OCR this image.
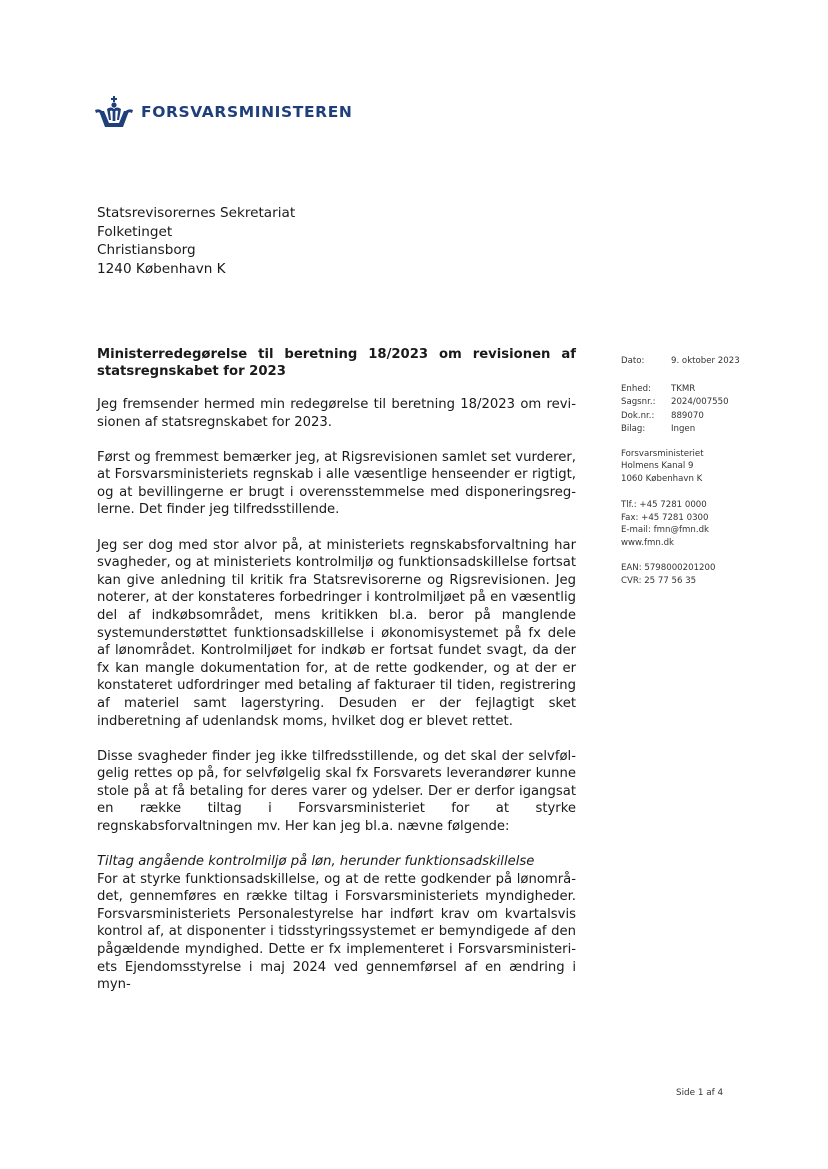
FORSVARSMINISTEREN
Statsrevisorernes Sekretariat
Folketinget
Christiansborg
1240 København K
Ministerredegørelse til beretning 18/2023 om revisionen af statsregnskabet for 2023

Jeg fremsender hermed min redegørelse til beretning 18/2023 om revisionen af statsregnskabet for 2023.

Først og fremmest bemærker jeg, at Rigsrevisionen samlet set vurderer, at Forsvarsministeriets regnskab i alle væsentlige henseender er rigtigt, og at bevillingerne er brugt i overensstemmelse med disponeringsreglerne. Det finder jeg tilfredsstillende.

Jeg ser dog med stor alvor på, at ministeriets regnskabsforvaltning har svagheder, og at ministeriets kontrolmiljø og funktionsadskillelse fortsat kan give anledning til kritik fra Statsrevisorerne og Rigsrevisionen. Jeg noterer, at der konstateres forbedringer i kontrolmiljøet på en væsentlig del af indkøbsområdet, mens kritikken bl.a. beror på manglende systemunderstøttet funktionsadskillelse i økonomisystemet på fx dele af lønområdet. Kontrolmiljøet for indkøb er fortsat fundet svagt, da der fx kan mangle dokumentation for, at de rette godkender, og at der er konstateret udfordringer med betaling af fakturaer til tiden, registrering af materiel samt lagerstyring. Desuden er der fejlagtigt sket indberetning af udenlandsk moms, hvilket dog er blevet rettet.

Disse svagheder finder jeg ikke tilfredsstillende, og det skal der selvfølgelig rettes op på, for selvfølgelig skal fx Forsvarets leverandører kunne stole på at få betaling for deres varer og ydelser. Der er derfor igangsat en række tiltag i Forsvarsministeriet for at styrke regnskabsforvaltningen mv. Her kan jeg bl.a. nævne følgende:

Tiltag angående kontrolmiljø på løn, herunder funktionsadskillelse

For at styrke funktionsadskillelse, og at de rette godkender på lønområdet, gennemføres en række tiltag i Forsvarsministeriets myndigheder. Forsvarsministeriets Personalestyrelse har indført krav om kvartalsvis kontrol af, at disponenter i tidsstyringssystemet er bemyndigede af den pågældende myndighed. Dette er fx implementeret i Forsvarsministeriets Ejendomsstyrelse i maj 2024 ved gennemførsel af en ændring i myn-

Dato:	9. oktober 2023
Enhed:	TKMR
Sagsnr.:	2024/007550
Dok.nr.:	889070
Bilag:	Ingen
Forsvarsministeriet
Holmens Kanal 9
1060 København K
Tlf.: +45 7281 0000
Fax: +45 7281 0300
E-mail: fmn@fmn.dk
www.fmn.dk
EAN: 5798000201200
CVR: 25 77 56 35
Side 1 af 4
